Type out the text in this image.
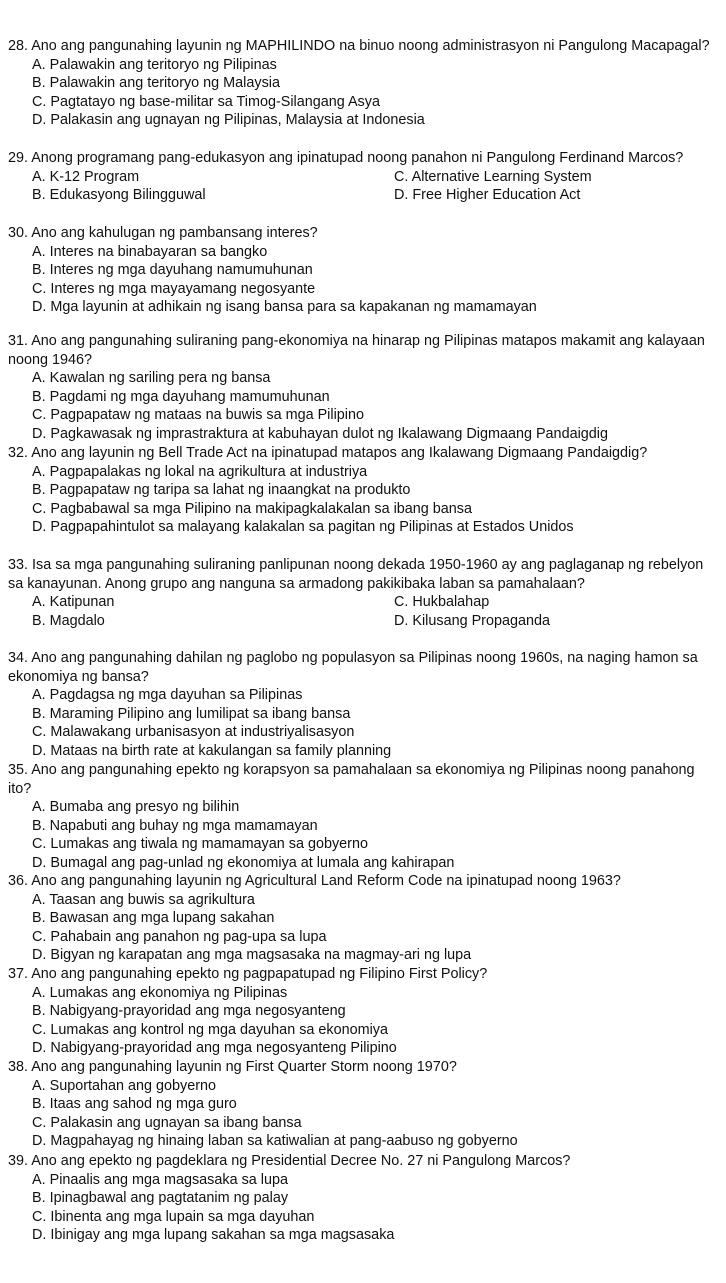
28. Ano ang pangunahing layunin ng MAPHILINDO na binuo noong administrasyon ni Pangulong Macapagal?
A. Palawakin ang teritoryo ng Pilipinas
B. Palawakin ang teritoryo ng Malaysia
C. Pagtatayo ng base-militar sa Timog-Silangang Asya
D. Palakasin ang ugnayan ng Pilipinas, Malaysia at Indonesia
29. Anong programang pang-edukasyon ang ipinatupad noong panahon ni Pangulong Ferdinand Marcos?
A. K-12 Program	C. Alternative Learning System
B. Edukasyong Bilingguwal	D. Free Higher Education Act
30. Ano ang kahulugan ng pambansang interes?
A. Interes na binabayaran sa bangko
B. Interes ng mga dayuhang namumuhunan
C. Interes ng mga mayayamang negosyante
D. Mga layunin at adhikain ng isang bansa para sa kapakanan ng mamamayan
31. Ano ang pangunahing suliraning pang-ekonomiya na hinarap ng Pilipinas matapos makamit ang kalayaan noong 1946?
A. Kawalan ng sariling pera ng bansa
B. Pagdami ng mga dayuhang mamumuhunan
C. Pagpapataw ng mataas na buwis sa mga Pilipino
D. Pagkawasak ng imprastraktura at kabuhayan dulot ng Ikalawang Digmaang Pandaigdig
32. Ano ang layunin ng Bell Trade Act na ipinatupad matapos ang Ikalawang Digmaang Pandaigdig?
A. Pagpapalakas ng lokal na agrikultura at industriya
B. Pagpapataw ng taripa sa lahat ng inaangkat na produkto
C. Pagbabawal sa mga Pilipino na makipagkalakalan sa ibang bansa
D. Pagpapahintulot sa malayang kalakalan sa pagitan ng Pilipinas at Estados Unidos
33. Isa sa mga pangunahing suliraning panlipunan noong dekada 1950-1960 ay ang paglaganap ng rebelyon sa kanayunan. Anong grupo ang nanguna sa armadong pakikibaka laban sa pamahalaan?
A. Katipunan	C. Hukbalahap
B. Magdalo	D. Kilusang Propaganda
34. Ano ang pangunahing dahilan ng paglobo ng populasyon sa Pilipinas noong 1960s, na naging hamon sa ekonomiya ng bansa?
A. Pagdagsa ng mga dayuhan sa Pilipinas
B. Maraming Pilipino ang lumilipat sa ibang bansa
C. Malawakang urbanisasyon at industriyalisasyon
D. Mataas na birth rate at kakulangan sa family planning
35. Ano ang pangunahing epekto ng korapsyon sa pamahalaan sa ekonomiya ng Pilipinas noong panahong ito?
A. Bumaba ang presyo ng bilihin
B. Napabuti ang buhay ng mga mamamayan
C. Lumakas ang tiwala ng mamamayan sa gobyerno
D. Bumagal ang pag-unlad ng ekonomiya at lumala ang kahirapan
36. Ano ang pangunahing layunin ng Agricultural Land Reform Code na ipinatupad noong 1963?
A. Taasan ang buwis sa agrikultura
B. Bawasan ang mga lupang sakahan
C. Pahabain ang panahon ng pag-upa sa lupa
D. Bigyan ng karapatan ang mga magsasaka na magmay-ari ng lupa
37. Ano ang pangunahing epekto ng pagpapatupad ng Filipino First Policy?
A. Lumakas ang ekonomiya ng Pilipinas
B. Nabigyang-prayoridad ang mga negosyanteng
C. Lumakas ang kontrol ng mga dayuhan sa ekonomiya
D. Nabigyang-prayoridad ang mga negosyanteng Pilipino
38. Ano ang pangunahing layunin ng First Quarter Storm noong 1970?
A. Suportahan ang gobyerno
B. Itaas ang sahod ng mga guro
C. Palakasin ang ugnayan sa ibang bansa
D. Magpahayag ng hinaing laban sa katiwalian at pang-aabuso ng gobyerno
39. Ano ang epekto ng pagdeklara ng Presidential Decree No. 27 ni Pangulong Marcos?
A. Pinaalis ang mga magsasaka sa lupa
B. Ipinagbawal ang pagtatanim ng palay
C. Ibinenta ang mga lupain sa mga dayuhan
D. Ibinigay ang mga lupang sakahan sa mga magsasaka
